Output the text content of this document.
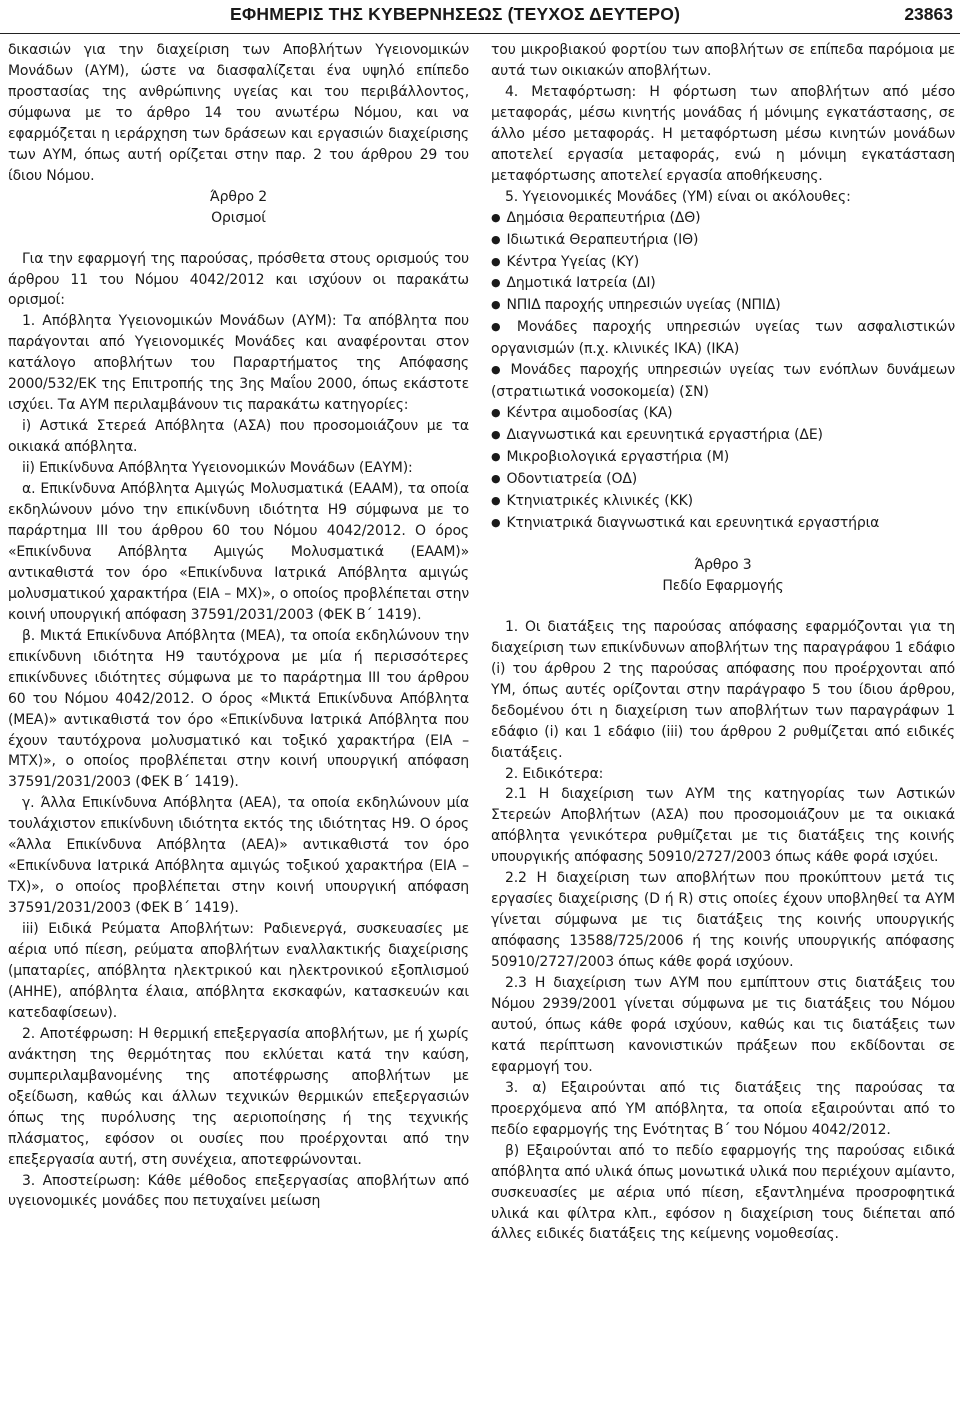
ΕΦΗΜΕΡΙΣ ΤΗΣ ΚΥΒΕΡΝΗΣΕΩΣ (ΤΕΥΧΟΣ ΔΕΥΤΕΡΟ)	23863

δικασιών για την διαχείριση των Αποβλήτων Υγειονομικών Μονάδων (ΑΥΜ), ώστε να διασφαλίζεται ένα υψηλό επίπεδο προστασίας της ανθρώπινης υγείας και του περιβάλλοντος, σύμφωνα με το άρθρο 14 του ανωτέρω Νόμου, και να εφαρμόζεται η ιεράρχηση των δράσεων και εργασιών διαχείρισης των ΑΥΜ, όπως αυτή ορίζεται στην παρ. 2 του άρθρου 29 του ίδιου Νόμου.

Άρθρο 2

Ορισμοί

Για την εφαρμογή της παρούσας, πρόσθετα στους ορισμούς του άρθρου 11 του Νόμου 4042/2012 και ισχύουν οι παρακάτω ορισμοί:

1. Απόβλητα Υγειονομικών Μονάδων (ΑΥΜ): Τα απόβλητα που παράγονται από Υγειονομικές Μονάδες και αναφέρονται στον κατάλογο αποβλήτων του Παραρτήματος της Απόφασης 2000/532/ΕΚ της Επιτροπής της 3ης Μαΐου 2000, όπως εκάστοτε ισχύει. Τα ΑΥΜ περιλαμβάνουν τις παρακάτω κατηγορίες:

i) Αστικά Στερεά Απόβλητα (ΑΣΑ) που προσομοιάζουν με τα οικιακά απόβλητα.

ii) Επικίνδυνα Απόβλητα Υγειονομικών Μονάδων (ΕΑΥΜ):

α. Επικίνδυνα Απόβλητα Αμιγώς Μολυσματικά (ΕΑΑΜ), τα οποία εκδηλώνουν μόνο την επικίνδυνη ιδιότητα Η9 σύμφωνα με το παράρτημα ΙΙΙ του άρθρου 60 του Νόμου 4042/2012. Ο όρος «Επικίνδυνα Απόβλητα Αμιγώς Μολυσματικά (ΕΑΑΜ)» αντικαθιστά τον όρο «Επικίνδυνα Ιατρικά Απόβλητα αμιγώς μολυσματικού χαρακτήρα (ΕΙΑ – ΜΧ)», ο οποίος προβλέπεται στην κοινή υπουργική απόφαση 37591/2031/2003 (ΦΕΚ Β΄ 1419).

β. Μικτά Επικίνδυνα Απόβλητα (ΜΕΑ), τα οποία εκδηλώνουν την επικίνδυνη ιδιότητα Η9 ταυτόχρονα με μία ή περισσότερες επικίνδυνες ιδιότητες σύμφωνα με το παράρτημα ΙΙΙ του άρθρου 60 του Νόμου 4042/2012. Ο όρος «Μικτά Επικίνδυνα Απόβλητα (ΜΕΑ)» αντικαθιστά τον όρο «Επικίνδυνα Ιατρικά Απόβλητα που έχουν ταυτόχρονα μολυσματικό και τοξικό χαρακτήρα (ΕΙΑ – ΜΤΧ)», ο οποίος προβλέπεται στην κοινή υπουργική απόφαση 37591/2031/2003 (ΦΕΚ Β΄ 1419).

γ. Άλλα Επικίνδυνα Απόβλητα (ΑΕΑ), τα οποία εκδηλώνουν μία τουλάχιστον επικίνδυνη ιδιότητα εκτός της ιδιότητας Η9. Ο όρος «Άλλα Επικίνδυνα Απόβλητα (ΑΕΑ)» αντικαθιστά τον όρο «Επικίνδυνα Ιατρικά Απόβλητα αμιγώς τοξικού χαρακτήρα (ΕΙΑ – ΤΧ)», ο οποίος προβλέπεται στην κοινή υπουργική απόφαση 37591/2031/2003 (ΦΕΚ Β΄ 1419).

iii) Ειδικά Ρεύματα Αποβλήτων: Ραδιενεργά, συσκευασίες με αέρια υπό πίεση, ρεύματα αποβλήτων εναλλακτικής διαχείρισης (μπαταρίες, απόβλητα ηλεκτρικού και ηλεκτρονικού εξοπλισμού (ΑΗΗΕ), απόβλητα έλαια, απόβλητα εκσκαφών, κατασκευών και κατεδαφίσεων).

2. Αποτέφρωση: Η θερμική επεξεργασία αποβλήτων, με ή χωρίς ανάκτηση της θερμότητας που εκλύεται κατά την καύση, συμπεριλαμβανομένης της αποτέφρωσης αποβλήτων με οξείδωση, καθώς και άλλων τεχνικών θερμικών επεξεργασιών όπως της πυρόλυσης της αεριοποίησης ή της τεχνικής πλάσματος, εφόσον οι ουσίες που προέρχονται από την επεξεργασία αυτή, στη συνέχεια, αποτεφρώνονται.

3. Αποστείρωση: Κάθε μέθοδος επεξεργασίας αποβλήτων από υγειονομικές μονάδες που πετυχαίνει μείωση

του μικροβιακού φορτίου των αποβλήτων σε επίπεδα παρόμοια με αυτά των οικιακών αποβλήτων.

4. Μεταφόρτωση: Η φόρτωση των αποβλήτων από μέσο μεταφοράς, μέσω κινητής μονάδας ή μόνιμης εγκατάστασης, σε άλλο μέσο μεταφοράς. Η μεταφόρτωση μέσω κινητών μονάδων αποτελεί εργασία μεταφοράς, ενώ η μόνιμη εγκατάσταση μεταφόρτωσης αποτελεί εργασία αποθήκευσης.

5. Υγειονομικές Μονάδες (ΥΜ) είναι οι ακόλουθες:

● Δημόσια θεραπευτήρια (ΔΘ)

● Ιδιωτικά Θεραπευτήρια (ΙΘ)

● Κέντρα Υγείας (ΚΥ)

● Δημοτικά Ιατρεία (ΔΙ)

● ΝΠΙΔ παροχής υπηρεσιών υγείας (ΝΠΙΔ)

● Μονάδες παροχής υπηρεσιών υγείας των ασφαλιστικών οργανισμών (π.χ. κλινικές ΙΚΑ) (ΙΚΑ)

● Μονάδες παροχής υπηρεσιών υγείας των ενόπλων δυνάμεων (στρατιωτικά νοσοκομεία) (ΣΝ)

● Κέντρα αιμοδοσίας (ΚΑ)

● Διαγνωστικά και ερευνητικά εργαστήρια (ΔΕ)

● Μικροβιολογικά εργαστήρια (Μ)

● Οδοντιατρεία (ΟΔ)

● Κτηνιατρικές κλινικές (ΚΚ)

● Κτηνιατρικά διαγνωστικά και ερευνητικά εργαστήρια

Άρθρο 3

Πεδίο Εφαρμογής

1. Οι διατάξεις της παρούσας απόφασης εφαρμόζονται για τη διαχείριση των επικίνδυνων αποβλήτων της παραγράφου 1 εδάφιο (i) του άρθρου 2 της παρούσας απόφασης που προέρχονται από ΥΜ, όπως αυτές ορίζονται στην παράγραφο 5 του ίδιου άρθρου, δεδομένου ότι η διαχείριση των αποβλήτων των παραγράφων 1 εδάφιο (i) και 1 εδάφιο (iii) του άρθρου 2 ρυθμίζεται από ειδικές διατάξεις.

2. Ειδικότερα:

2.1 Η διαχείριση των ΑΥΜ της κατηγορίας των Αστικών Στερεών Αποβλήτων (ΑΣΑ) που προσομοιάζουν με τα οικιακά απόβλητα γενικότερα ρυθμίζεται με τις διατάξεις της κοινής υπουργικής απόφασης 50910/2727/2003 όπως κάθε φορά ισχύει.

2.2 Η διαχείριση των αποβλήτων που προκύπτουν μετά τις εργασίες διαχείρισης (D ή R) στις οποίες έχουν υποβληθεί τα ΑΥΜ γίνεται σύμφωνα με τις διατάξεις της κοινής υπουργικής απόφασης 13588/725/2006 ή της κοινής υπουργικής απόφασης 50910/2727/2003 όπως κάθε φορά ισχύουν.

2.3 Η διαχείριση των ΑΥΜ που εμπίπτουν στις διατάξεις του Νόμου 2939/2001 γίνεται σύμφωνα με τις διατάξεις του Νόμου αυτού, όπως κάθε φορά ισχύουν, καθώς και τις διατάξεις των κατά περίπτωση κανονιστικών πράξεων που εκδίδονται σε εφαρμογή του.

3. α) Εξαιρούνται από τις διατάξεις της παρούσας τα προερχόμενα από ΥΜ απόβλητα, τα οποία εξαιρούνται από το πεδίο εφαρμογής της Ενότητας Β΄ του Νόμου 4042/2012.

β) Εξαιρούνται από το πεδίο εφαρμογής της παρούσας ειδικά απόβλητα από υλικά όπως μονωτικά υλικά που περιέχουν αμίαντο, συσκευασίες με αέρια υπό πίεση, εξαντλημένα προσροφητικά υλικά και φίλτρα κλπ., εφόσον η διαχείριση τους διέπεται από άλλες ειδικές διατάξεις της κείμενης νομοθεσίας.
